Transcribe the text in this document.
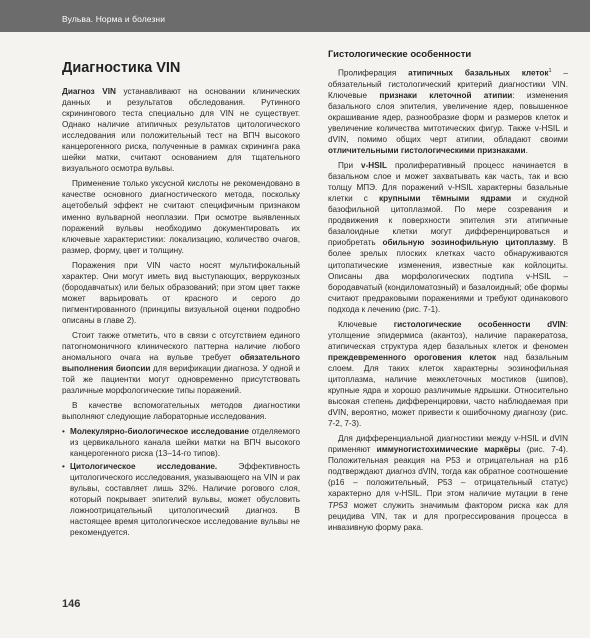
Вульва. Норма и болезни
Диагностика VIN

Диагноз VIN устанавливают на основании клинических данных и результатов обследования. Рутинного скринингового теста специально для VIN не существует. Однако наличие атипичных результатов цитологического исследования или положительный тест на ВПЧ высокого канцерогенного риска, полученные в рамках скрининга рака шейки матки, считают основанием для тщательного визуального осмотра вульвы.

Применение только уксусной кислоты не рекомендовано в качестве основного диагностического метода, поскольку ацетобелый эффект не считают специфичным признаком именно вульварной неоплазии. При осмотре выявленных поражений вульвы необходимо документировать их ключевые характеристики: локализацию, количество очагов, размер, форму, цвет и толщину.

Поражения при VIN часто носят мультифокальный характер. Они могут иметь вид выступающих, веррукозных (бородавчатых) или белых образований; при этом цвет также может варьировать от красного и серого до пигментированного (принципы визуальной оценки подробно описаны в главе 2).

Стоит также отметить, что в связи с отсутствием единого патогномоничного клинического паттерна наличие любого аномального очага на вульве требует обязательного выполнения биопсии для верификации диагноза. У одной и той же пациентки могут одновременно присутствовать различные морфологические типы поражений.

В качестве вспомогательных методов диагностики выполняют следующие лабораторные исследования.

• Молекулярно-биологическое исследование отделяемого из цервикального канала шейки матки на ВПЧ высокого канцерогенного риска (13–14-го типов).
• Цитологическое исследование. Эффективность цитологического исследования, указывающего на VIN и рак вульвы, составляет лишь 32%. Наличие рогового слоя, который покрывает эпителий вульвы, может обусловить ложноотрицательный цитологический диагноз. В настоящее время цитологическое исследование вульвы не рекомендуется.
Гистологические особенности

Пролиферация атипичных базальных клеток$^1$ – обязательный гистологический критерий диагностики VIN. Ключевые признаки клеточной атипии: изменения базального слоя эпителия, увеличение ядер, повышенное окрашивание ядер, разнообразие форм и размеров клеток и увеличение количества митотических фигур. Также v-HSIL и dVIN, помимо общих черт атипии, обладают своими отличительными гистологическими признаками.

При v-HSIL пролиферативный процесс начинается в базальном слое и может захватывать как часть, так и всю толщу МПЭ. Для поражений v-HSIL характерны базальные клетки с крупными тёмными ядрами и скудной базофильной цитоплазмой. По мере созревания и продвижения к поверхности эпителия эти атипичные базалоидные клетки могут дифференцироваться и приобретать обильную эозинофильную цитоплазму. В более зрелых плоских клетках часто обнаруживаются цитопатические изменения, известные как койлоциты. Описаны два морфологических подтипа v-HSIL – бородавчатый (кондиломатозный) и базалоидный; обе формы считают предраковыми поражениями и требуют одинакового подхода к лечению (рис. 7-1).

Ключевые гистологические особенности dVIN: утолщение эпидермиса (акантоз), наличие паракератоза, атипическая структура ядер базальных клеток и феномен преждевременного ороговения клеток над базальным слоем. Для таких клеток характерны эозинофильная цитоплазма, наличие межклеточных мостиков (шипов), крупные ядра и хорошо различимые ядрышки. Относительно высокая степень дифференцировки, часто наблюдаемая при dVIN, вероятно, может привести к ошибочному диагнозу (рис. 7-2, 7-3).

Для дифференциальной диагностики между v-HSIL и dVIN применяют иммуногистохимические маркёры (рис. 7-4). Положительная реакция на P53 и отрицательная на p16 подтверждают диагноз dVIN, тогда как обратное соотношение (p16 – положительный, P53 – отрицательный статус) характерно для v-HSIL. При этом наличие мутации в гене TP53 может служить значимым фактором риска как для рецидива VIN, так и для прогрессирования процесса в инвазивную форму рака.

146
